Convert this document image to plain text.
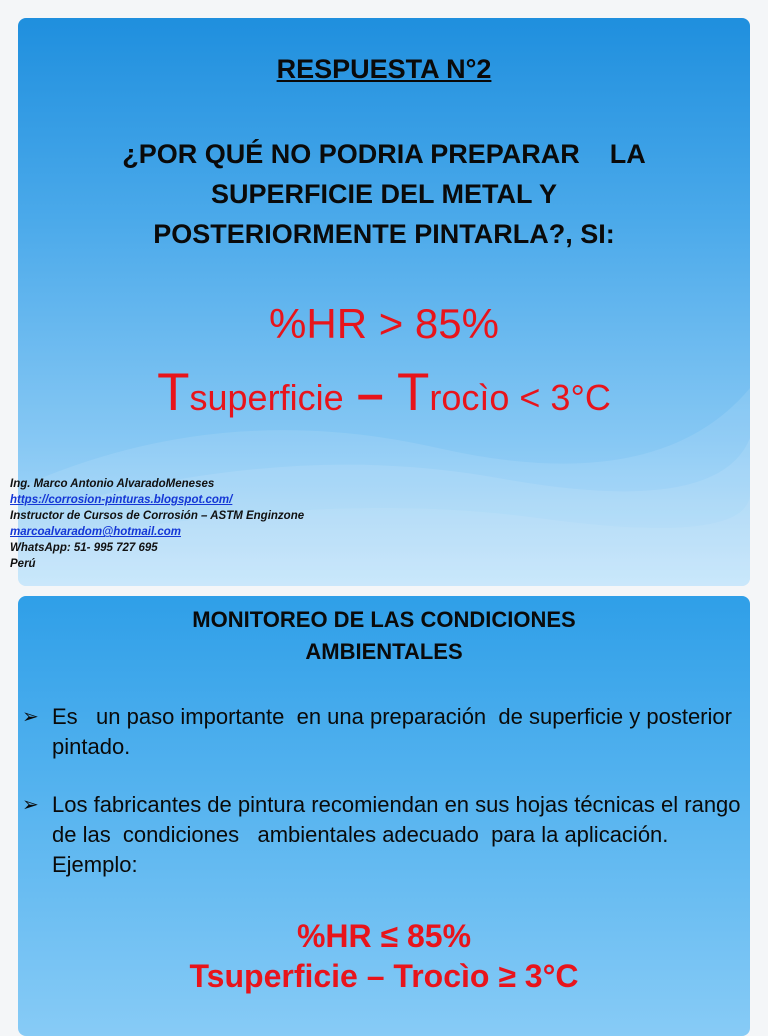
RESPUESTA N°2
¿POR QUÉ NO PODRIA PREPARAR    LA
SUPERFICIE DEL METAL Y
POSTERIORMENTE PINTARLA?, SI:
%HR > 85%
Tsuperficie – Trocìo < 3°C
Ing. Marco Antonio AlvaradoMeneses
https://corrosion-pinturas.blogspot.com/
Instructor de Cursos de Corrosión – ASTM Enginzone
marcoalvaradom@hotmail.com
WhatsApp: 51- 995 727 695
Perú
MONITOREO DE LAS CONDICIONES
AMBIENTALES
➢ Es   un paso importante  en una preparación  de superficie y posterior pintado.
➢ Los fabricantes de pintura recomiendan en sus hojas técnicas el rango de las  condiciones   ambientales adecuado  para la aplicación. Ejemplo:
%HR ≤ 85%
Tsuperficie – Trocìo ≥ 3°C
